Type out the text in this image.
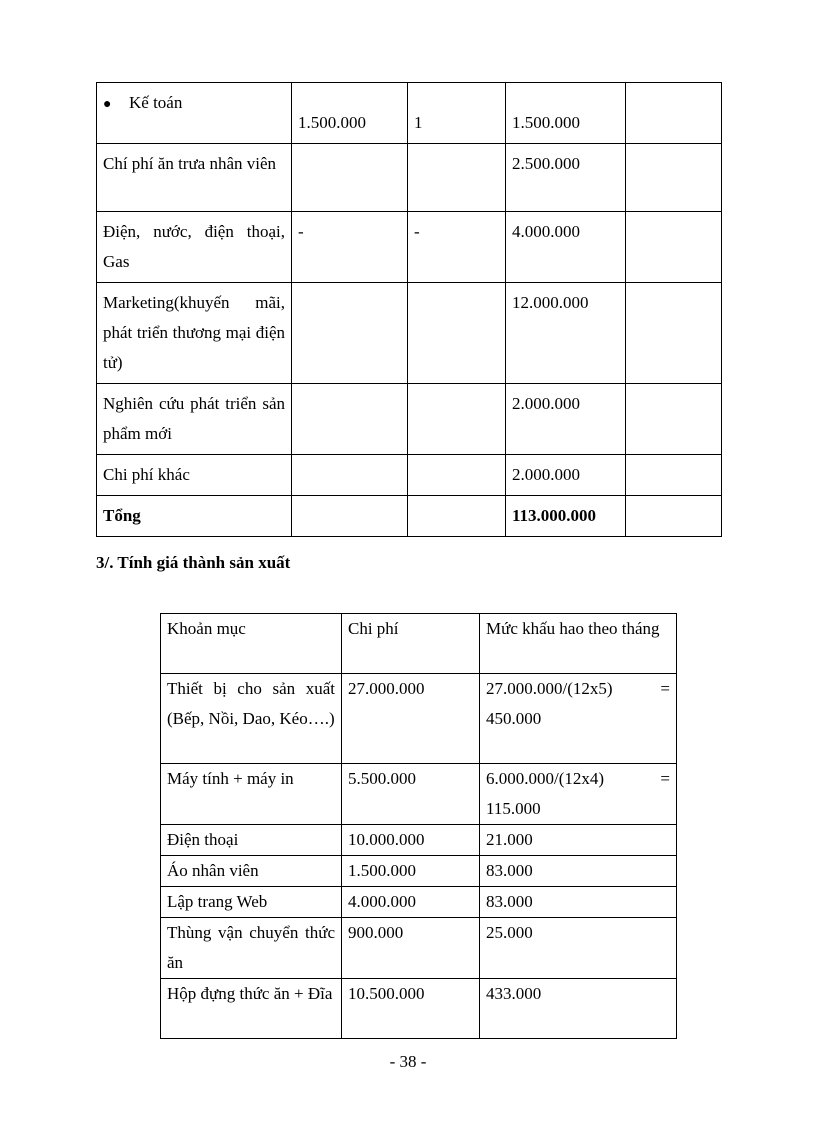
● Kế toán	1.500.000	1	1.500.000	
Chí phí ăn trưa nhân viên			2.500.000	
Điện, nước, điện thoại, Gas	-	-	4.000.000	
Marketing(khuyến mãi, phát triển thương mại điện tử)			12.000.000	
Nghiên cứu phát triển sản phẩm mới			2.000.000	
Chi phí khác			2.000.000	
Tổng			113.000.000	
3/. Tính giá thành sản xuất
Khoản mục	Chi phí	Mức khấu hao theo tháng
Thiết bị cho sản xuất (Bếp, Nồi, Dao, Kéo….)	27.000.000	27.000.000/(12x5) =
450.000

Máy tính + máy in	5.500.000	6.000.000/(12x4) =
115.000

Điện thoại	10.000.000	21.000
Áo nhân viên	1.500.000	83.000
Lập trang Web	4.000.000	83.000
Thùng vận chuyển thức ăn	900.000	25.000
Hộp đựng thức ăn + Đĩa	10.500.000	433.000
- 38 -
